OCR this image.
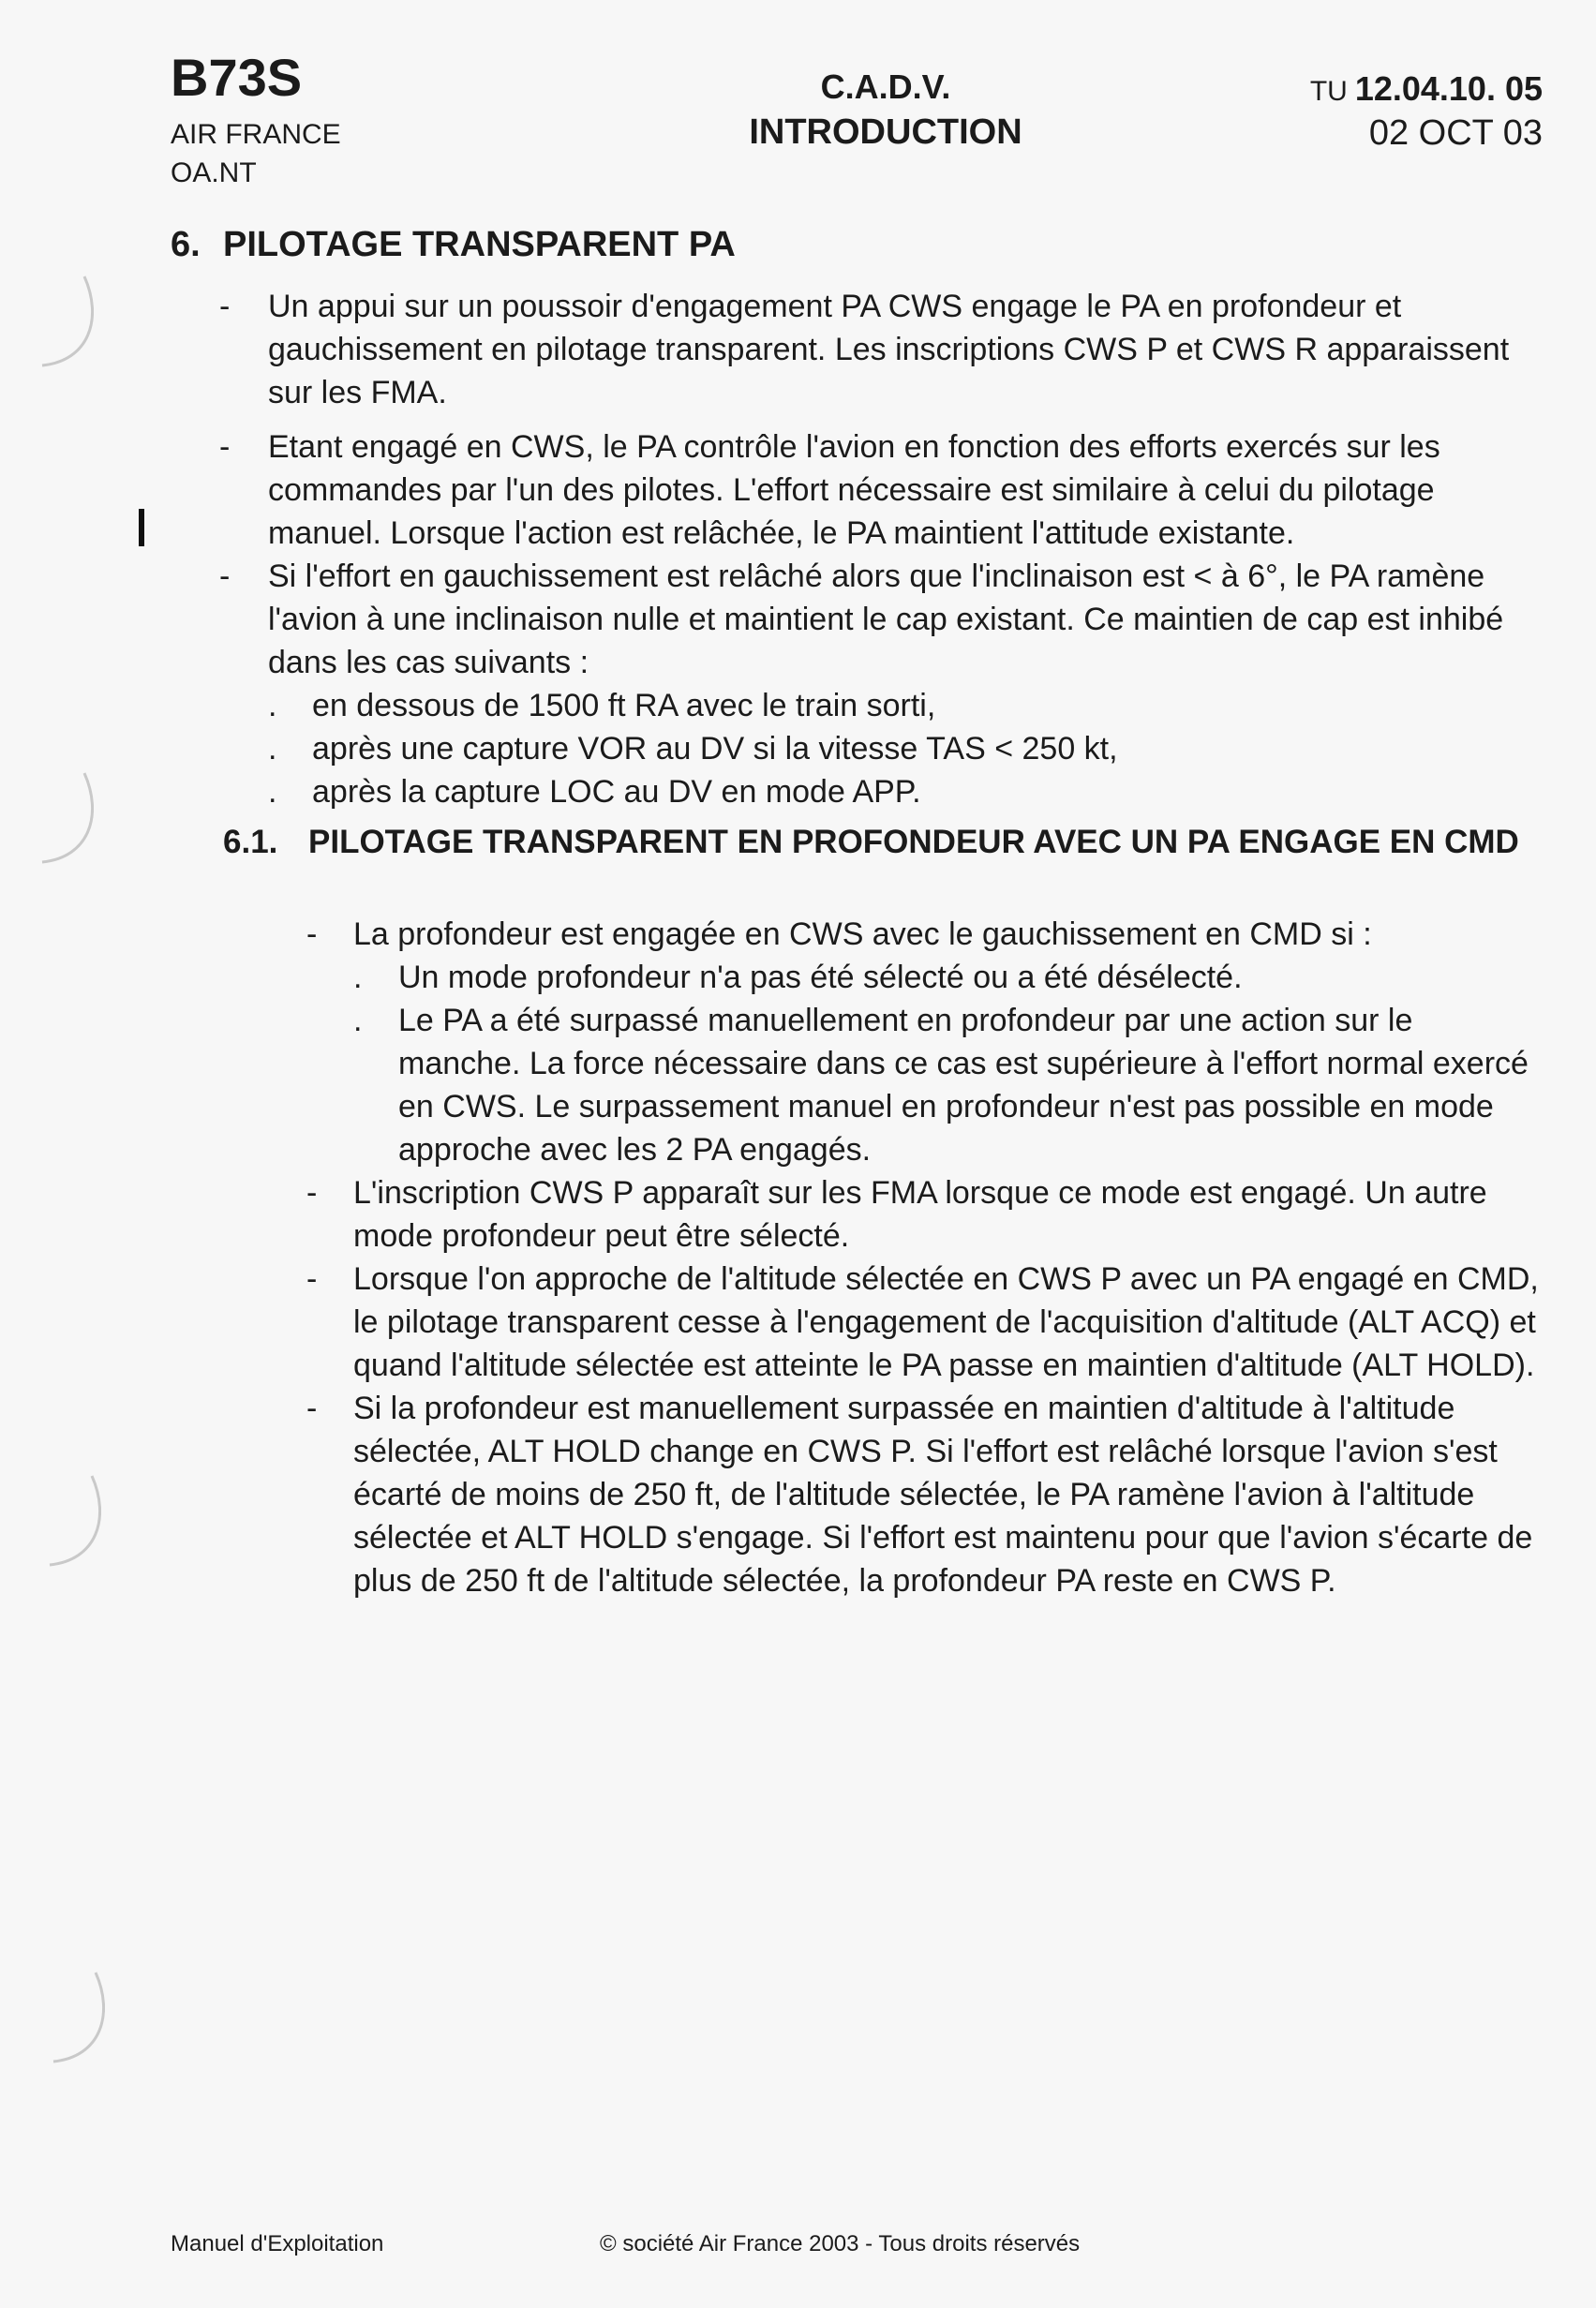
B73S
AIR FRANCE
OA.NT
C.A.D.V.
INTRODUCTION
TU 12.04.10. 05
02 OCT 03
6. PILOTAGE TRANSPARENT PA
- Un appui sur un poussoir d'engagement PA CWS engage le PA en profondeur et gauchissement en pilotage transparent. Les inscriptions CWS P et CWS R apparaissent sur les FMA.
- Etant engagé en CWS, le PA contrôle l'avion en fonction des efforts exercés sur les commandes par l'un des pilotes. L'effort nécessaire est similaire à celui du pilotage manuel. Lorsque l'action est relâchée, le PA maintient l'attitude existante.
- Si l'effort en gauchissement est relâché alors que l'inclinaison est < à 6°, le PA ramène l'avion à une inclinaison nulle et maintient le cap existant. Ce maintien de cap est inhibé dans les cas suivants :
. en dessous de 1500 ft RA avec le train sorti,
. après une capture VOR au DV si la vitesse TAS < 250 kt,
. après la capture LOC au DV en mode APP.
6.1. PILOTAGE TRANSPARENT EN PROFONDEUR AVEC UN PA ENGAGE EN CMD
- La profondeur est engagée en CWS avec le gauchissement en CMD si :
. Un mode profondeur n'a pas été sélecté ou a été désélecté.
. Le PA a été surpassé manuellement en profondeur par une action sur le manche. La force nécessaire dans ce cas est supérieure à l'effort normal exercé en CWS. Le surpassement manuel en profondeur n'est pas possible en mode approche avec les 2 PA engagés.
- L'inscription CWS P apparaît sur les FMA lorsque ce mode est engagé. Un autre mode profondeur peut être sélecté.
- Lorsque l'on approche de l'altitude sélectée en CWS P avec un PA engagé en CMD, le pilotage transparent cesse à l'engagement de l'acquisition d'altitude (ALT ACQ) et quand l'altitude sélectée est atteinte le PA passe en maintien d'altitude (ALT HOLD).
- Si la profondeur est manuellement surpassée en maintien d'altitude à l'altitude sélectée, ALT HOLD change en CWS P. Si l'effort est relâché lorsque l'avion s'est écarté de moins de 250 ft, de l'altitude sélectée, le PA ramène l'avion à l'altitude sélectée et ALT HOLD s'engage. Si l'effort est maintenu pour que l'avion s'écarte de plus de 250 ft de l'altitude sélectée, la profondeur PA reste en CWS P.
Manuel d'Exploitation	© société Air France 2003 - Tous droits réservés
